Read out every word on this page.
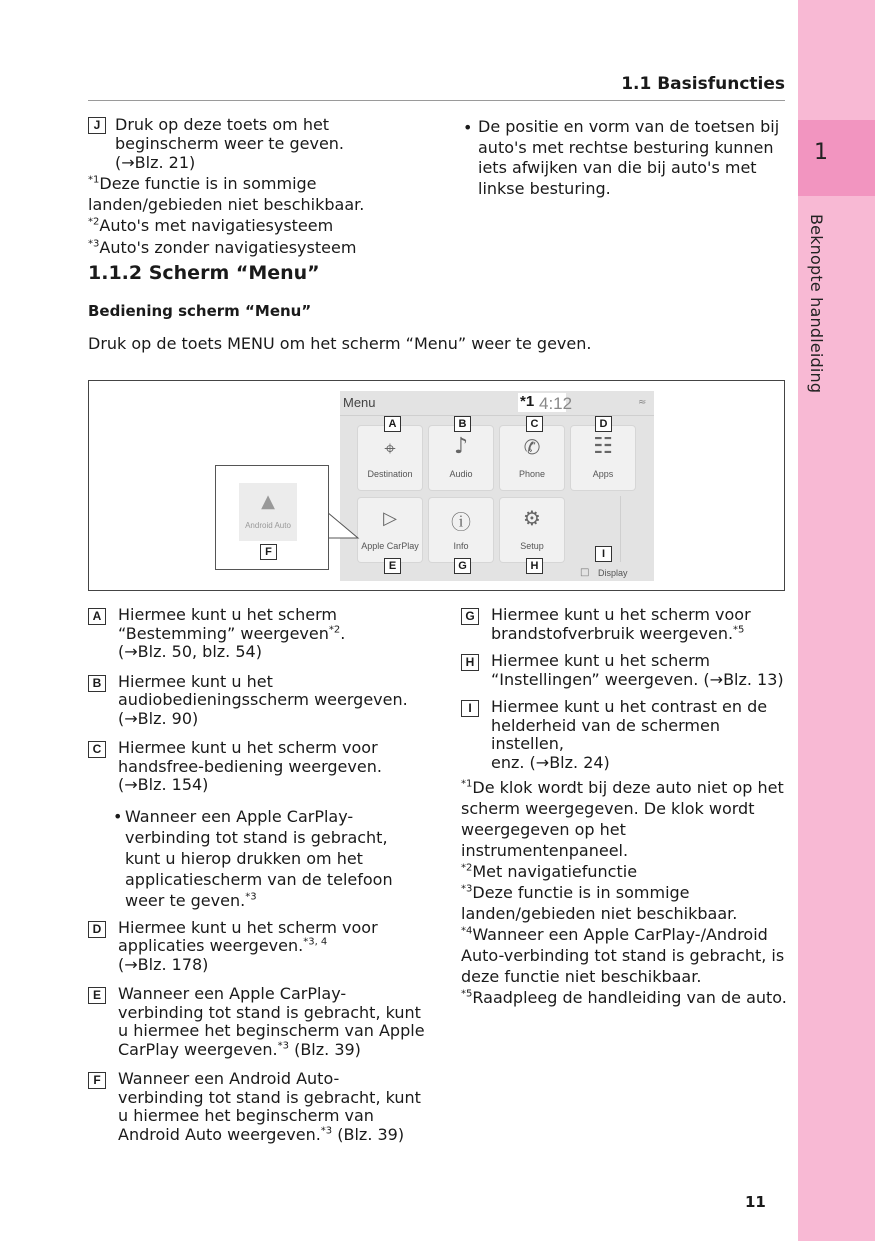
1
Beknopte handleiding
1.1 Basisfuncties
J Druk op deze toets om het
beginscherm weer te geven.
(→Blz. 21)
$^{*1}$Deze functie is in sommige
landen/gebieden niet beschikbaar.
$^{*2}$Auto's met navigatiesysteem
$^{*3}$Auto's zonder navigatiesysteem
• De positie en vorm van de toetsen bij
auto's met rechtse besturing kunnen
iets afwijken van die bij auto's met
linkse besturing.
1.1.2 Scherm “Menu”
Bediening scherm “Menu”
Druk op de toets MENU om het scherm “Menu” weer te geven.
Menu	*1 4:12	≈
⌖
Destination
♪
Audio
✆
Phone
☷
Apps
▷
Apple CarPlay
ⓘ
Info
⚙
Setup
□ Display
A	B	C	D
E	G	H
I
▲
Android Auto
F
A Hiermee kunt u het scherm
“Bestemming” weergeven$^{*2}$.
(→Blz. 50, blz. 54)
B Hiermee kunt u het
audiobedieningsscherm weergeven.
(→Blz. 90)
C Hiermee kunt u het scherm voor
handsfree-bediening weergeven.
(→Blz. 154)
• Wanneer een Apple CarPlay-
verbinding tot stand is gebracht,
kunt u hierop drukken om het
applicatiescherm van de telefoon
weer te geven.$^{*3}$
D Hiermee kunt u het scherm voor
applicaties weergeven.$^{*3, 4}$
(→Blz. 178)
E	Wanneer een Apple CarPlay-
verbinding tot stand is gebracht, kunt
u hiermee het beginscherm van Apple
CarPlay weergeven.$^{*3}$ (Blz. 39)
F	Wanneer een Android Auto-
verbinding tot stand is gebracht, kunt
u hiermee het beginscherm van
Android Auto weergeven.$^{*3}$ (Blz. 39)
G Hiermee kunt u het scherm voor
brandstofverbruik weergeven.$^{*5}$
H Hiermee kunt u het scherm
“Instellingen” weergeven. (→Blz. 13)
I	Hiermee kunt u het contrast en de
helderheid van de schermen instellen,
enz. (→Blz. 24)
$^{*1}$De klok wordt bij deze auto niet op het
scherm weergegeven. De klok wordt
weergegeven op het
instrumentenpaneel.
$^{*2}$Met navigatiefunctie
$^{*3}$Deze functie is in sommige
landen/gebieden niet beschikbaar.
$^{*4}$Wanneer een Apple CarPlay-/Android
Auto-verbinding tot stand is gebracht, is
deze functie niet beschikbaar.
$^{*5}$Raadpleeg de handleiding van de auto.
11
